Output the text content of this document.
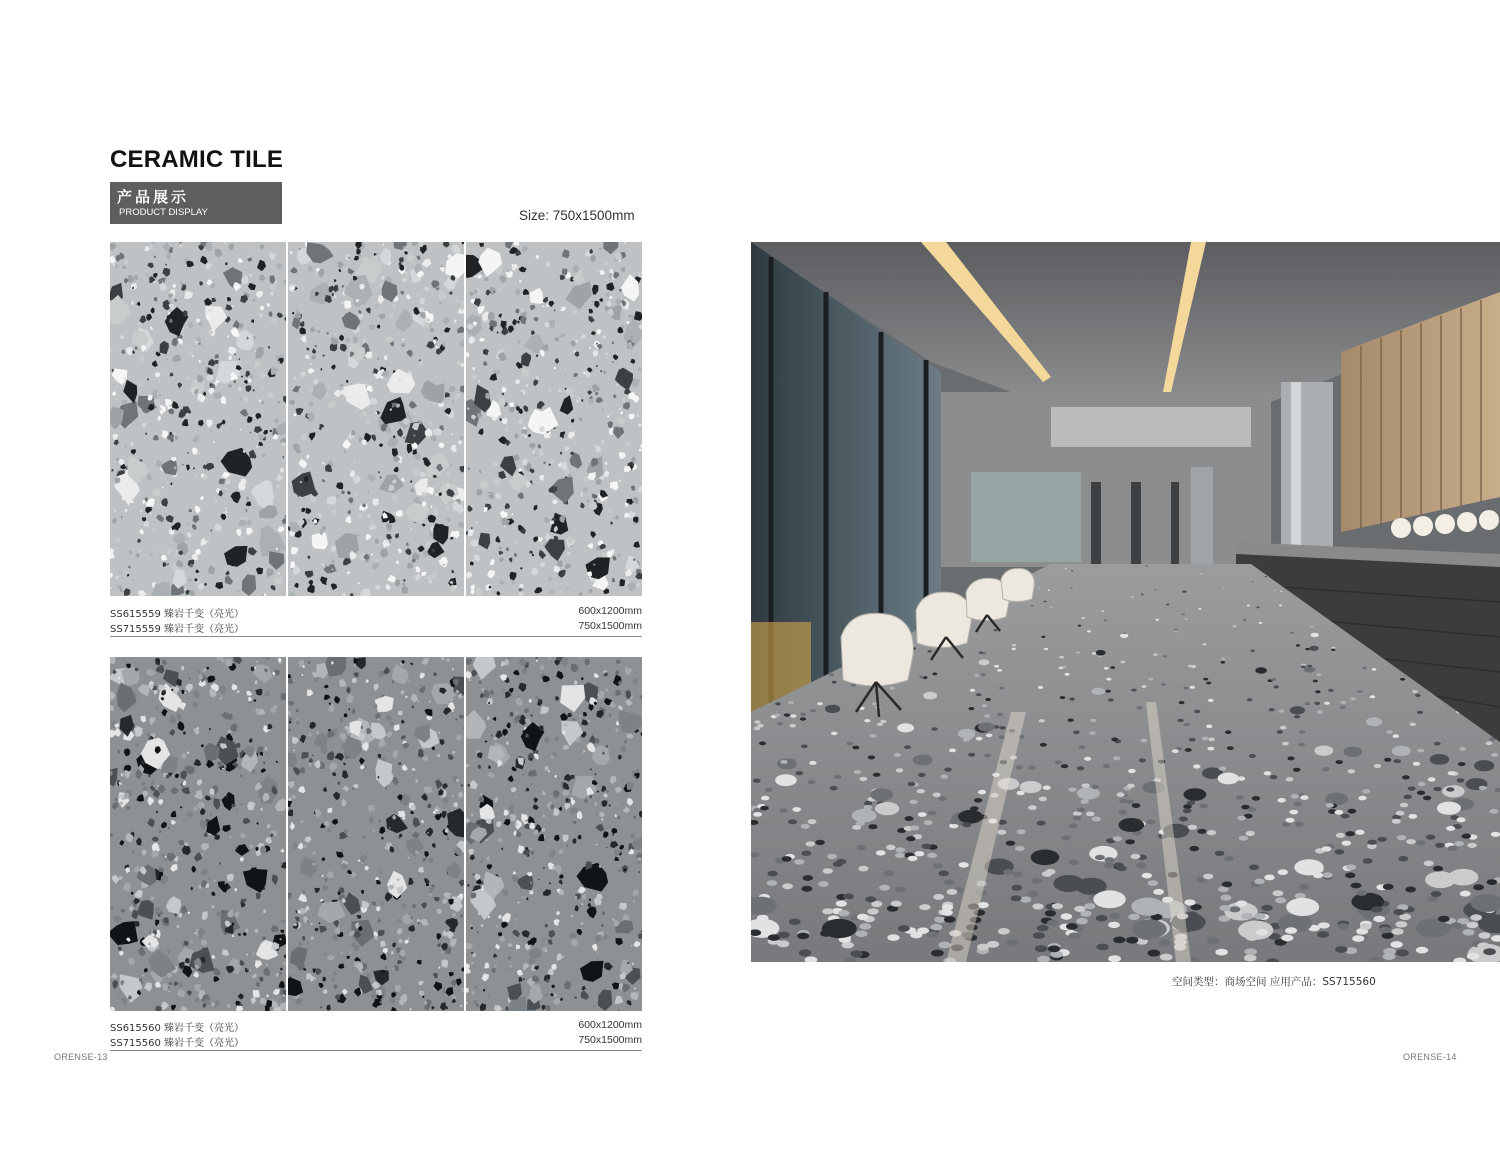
CERAMIC TILE
产品展示
PRODUCT DISPLAY	Size: 750x1500mm
SS615559 臻岩千变（亮光）	600x1200mm
SS715559 臻岩千变（亮光）	750x1500mm
SS615560 臻岩千变（亮光）	600x1200mm
SS715560 臻岩千变（亮光）	750x1500mm
ORENSE-13
空间类型：商场空间 应用产品：SS715560
ORENSE-14
